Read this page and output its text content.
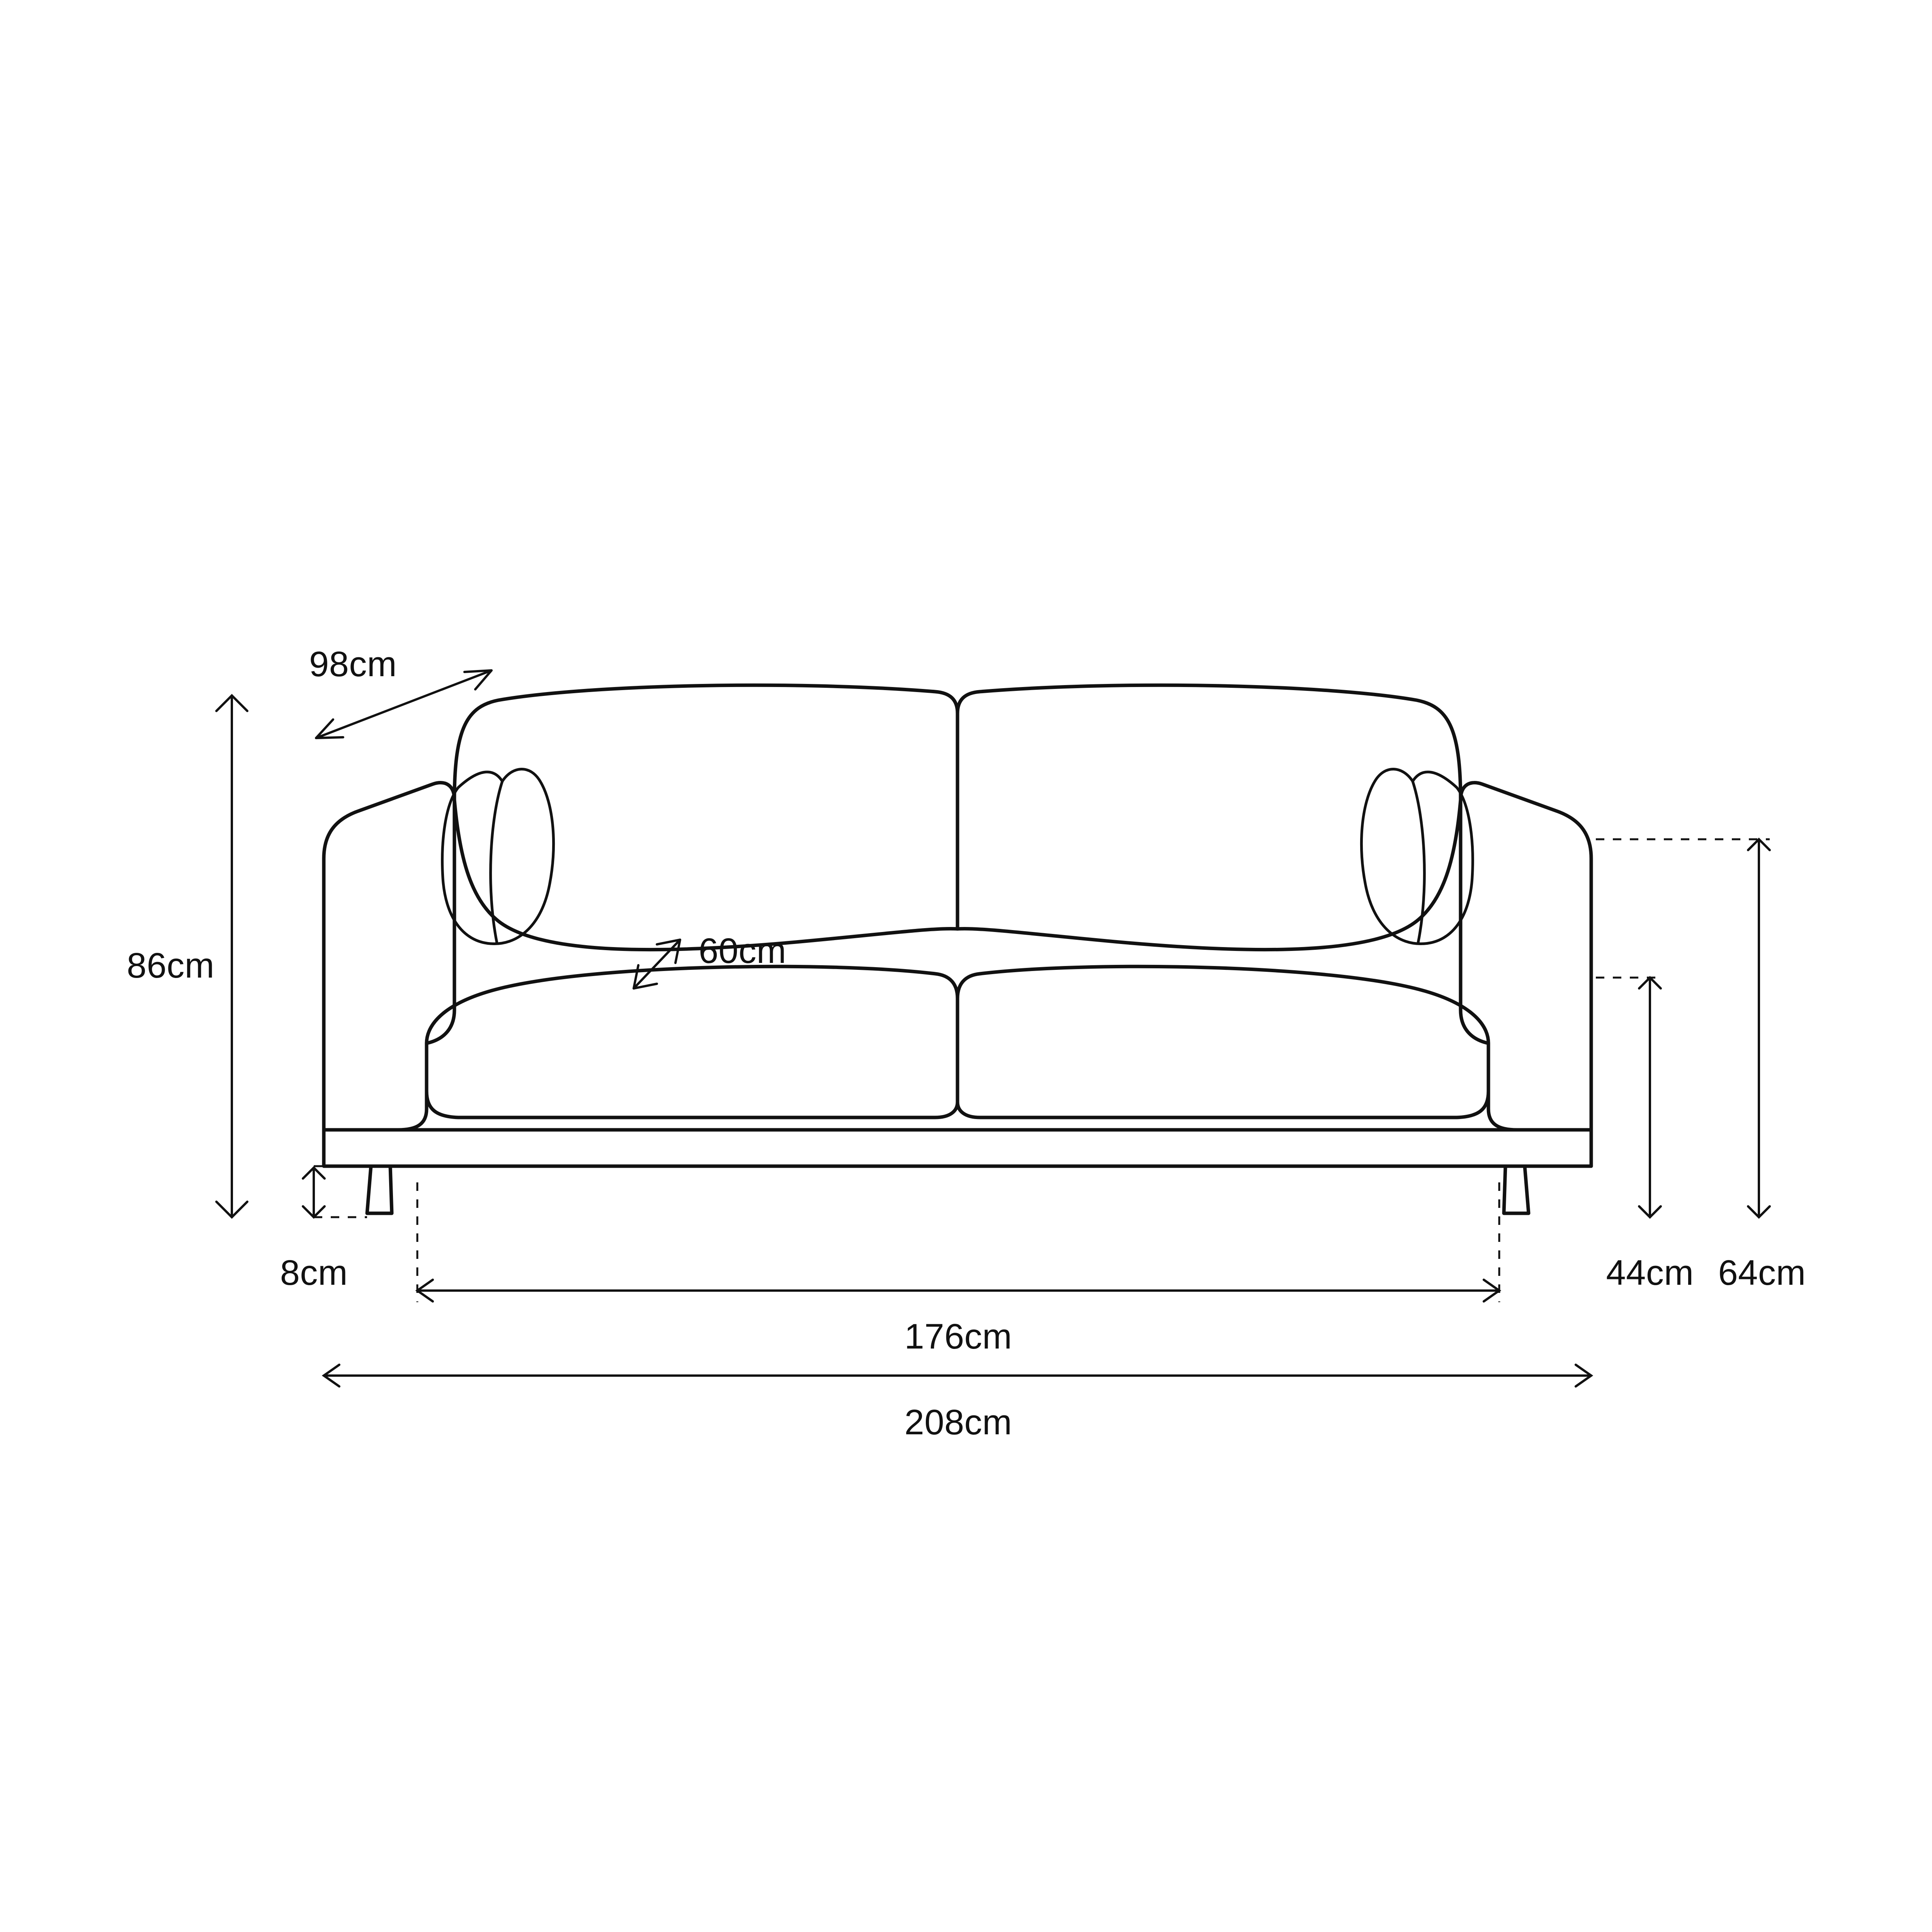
98cm
86cm	60cm
8cm
176cm
208cm
44cm 64cm
